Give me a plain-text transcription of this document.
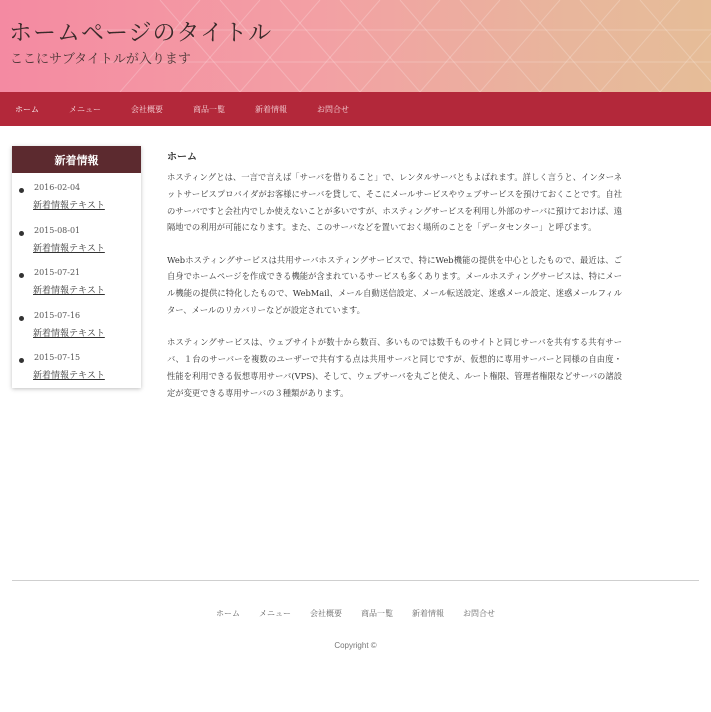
ホームページのタイトル
ここにサブタイトルが入ります
ホーム	メニュー	会社概要	商品一覧	新着情報	お問合せ
新着情報
2016-02-04
新着情報テキスト
2015-08-01
新着情報テキスト
2015-07-21
新着情報テキスト
2015-07-16
新着情報テキスト
2015-07-15
新着情報テキスト
ホーム

ホスティングとは、一言で言えば「サーバを借りること」で、レンタルサーバともよばれます。詳しく言うと、インターネットサービスプロバイダがお客様にサーバを貸して、そこにメールサービスやウェブサービスを預けておくことです。自社のサーバですと会社内でしか使えないことが多いですが、ホスティングサービスを利用し外部のサーバに預けておけば、遠隔地での利用が可能になります。また、このサーバなどを置いておく場所のことを「データセンター」と呼びます。

Webホスティングサービスは共用サーバホスティングサービスで、特にWeb機能の提供を中心としたもので、最近は、ご自身でホームページを作成できる機能が含まれているサービスも多くあります。メールホスティングサービスは、特にメール機能の提供に特化したもので、WebMail、メール自動送信設定、メール転送設定、迷惑メール設定、迷惑メールフィルター、メールのリカバリーなどが設定されています。

ホスティングサービスは、ウェブサイトが数十から数百、多いものでは数千ものサイトと同じサーバを共有する共有サーバ、１台のサーバーを複数のユーザーで共有する点は共用サーバと同じですが、仮想的に専用サーバーと同様の自由度・性能を利用できる仮想専用サーバ(VPS)、そして、ウェブサーバを丸ごと使え、ルート権限、管理者権限などサーバの諸設定が変更できる専用サーバの３種類があります。

ホーム	メニュー	会社概要	商品一覧	新着情報	お問合せ
Copyright ©
